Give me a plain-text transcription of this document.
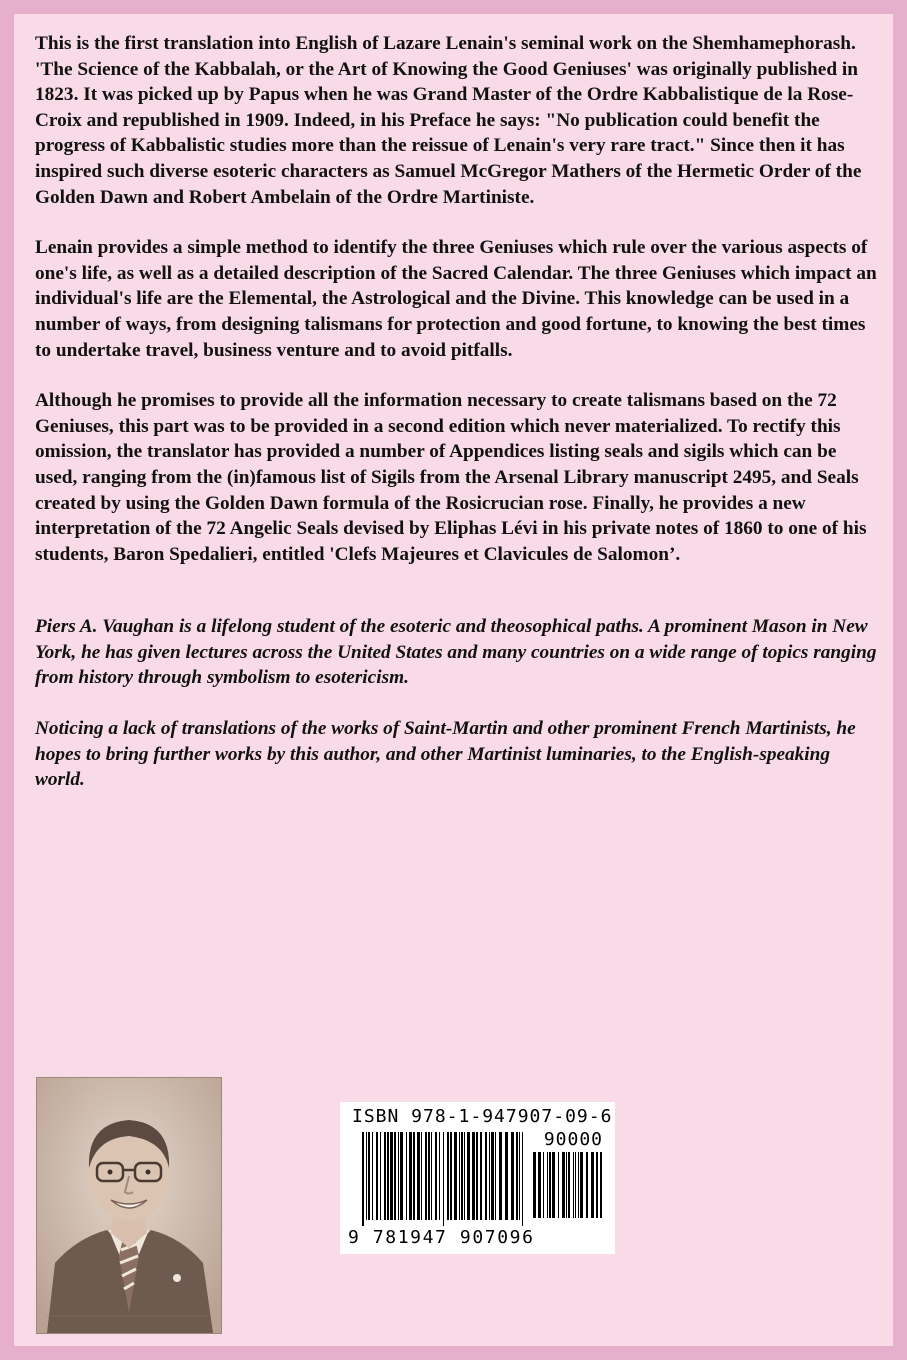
This is the first translation into English of Lazare Lenain's seminal work on the Shemhamephorash. 'The Science of the Kabbalah, or the Art of Knowing the Good Geniuses' was originally published in 1823. It was picked up by Papus when he was Grand Master of the Ordre Kabbalistique de la Rose-Croix and republished in 1909. Indeed, in his Preface he says: "No publication could benefit the progress of Kabbalistic studies more than the reissue of Lenain's very rare tract." Since then it has inspired such diverse esoteric characters as Samuel McGregor Mathers of the Hermetic Order of the Golden Dawn and Robert Ambelain of the Ordre Martiniste.

Lenain provides a simple method to identify the three Geniuses which rule over the various aspects of one's life, as well as a detailed description of the Sacred Calendar. The three Geniuses which impact an individual's life are the Elemental, the Astrological and the Divine. This knowledge can be used in a number of ways, from designing talismans for protection and good fortune, to knowing the best times to undertake travel, business venture and to avoid pitfalls.

Although he promises to provide all the information necessary to create talismans based on the 72 Geniuses, this part was to be provided in a second edition which never materialized. To rectify this omission, the translator has provided a number of Appendices listing seals and sigils which can be used, ranging from the (in)famous list of Sigils from the Arsenal Library manuscript 2495, and Seals created by using the Golden Dawn formula of the Rosicrucian rose. Finally, he provides a new interpretation of the 72 Angelic Seals devised by Eliphas Lévi in his private notes of 1860 to one of his students, Baron Spedalieri, entitled 'Clefs Majeures et Clavicules de Salomon’.

Piers A. Vaughan is a lifelong student of the esoteric and theosophical paths. A prominent Mason in New York, he has given lectures across the United States and many countries on a wide range of topics ranging from history through symbolism to esotericism.

Noticing a lack of translations of the works of Saint-Martin and other prominent French Martinists, he hopes to bring further works by this author, and other Martinist luminaries, to the English-speaking world.

ISBN 978-1-947907-09-6
90000
9 781947 907096
